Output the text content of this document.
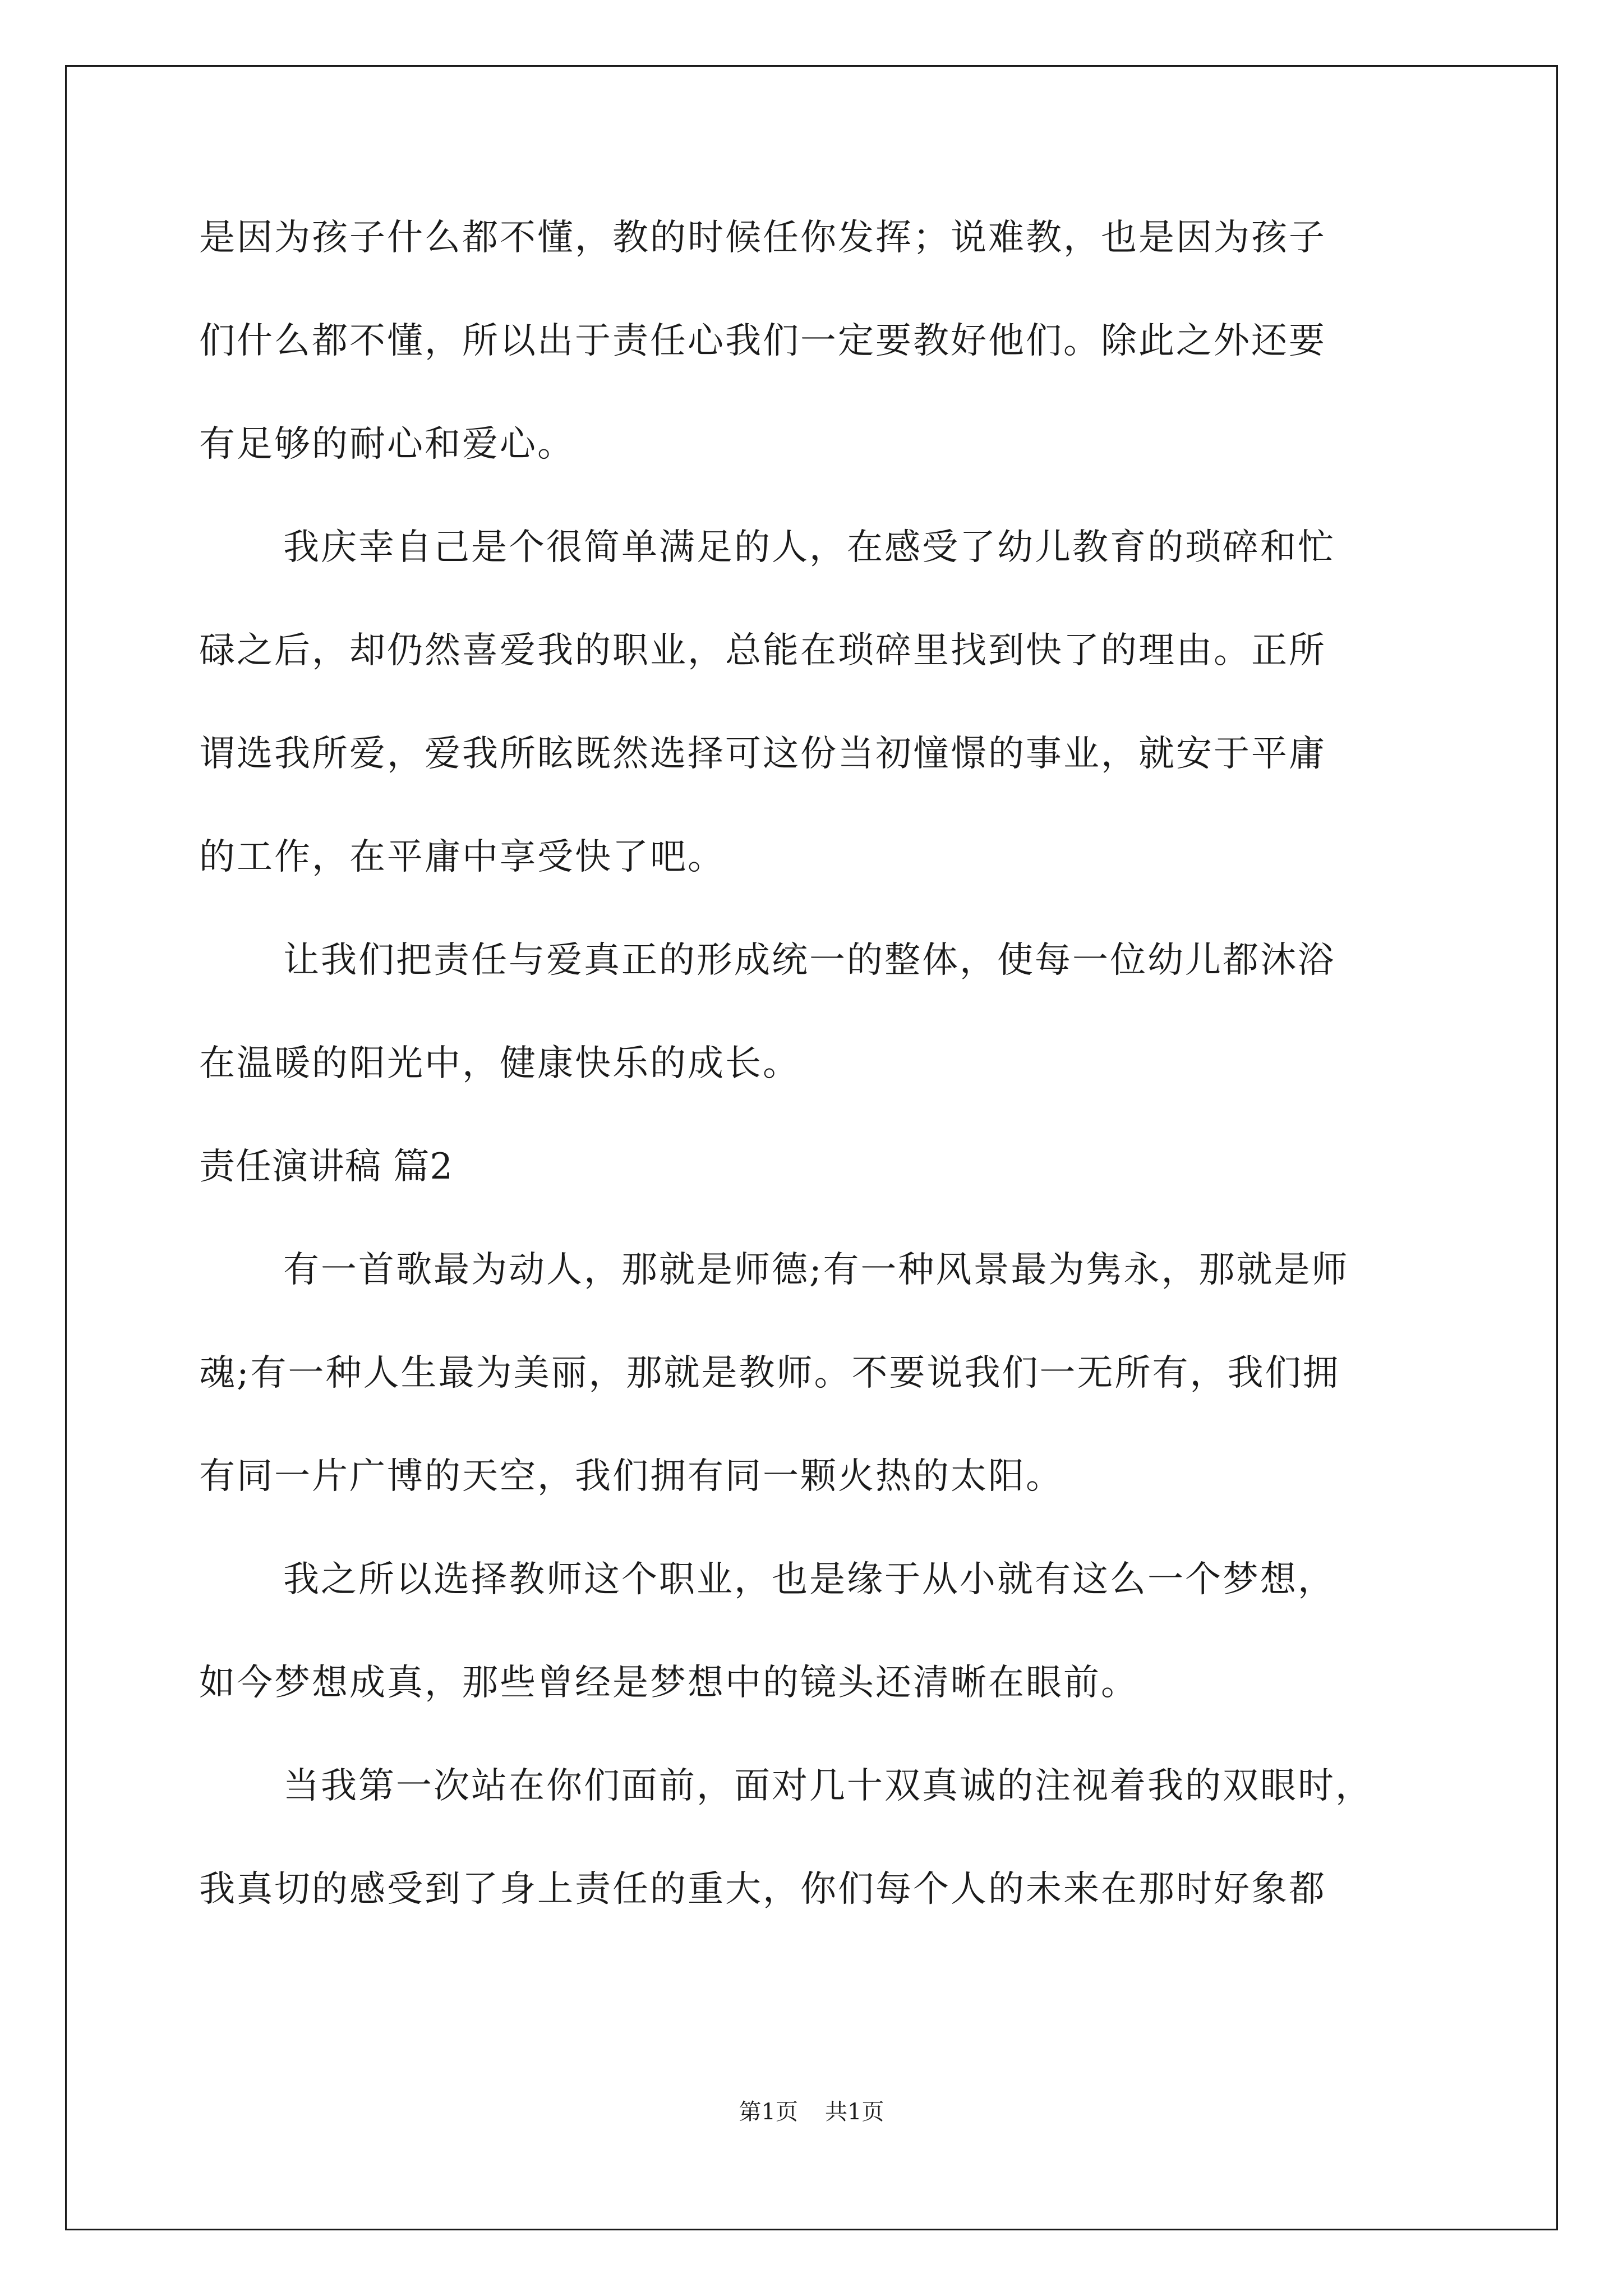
是因为孩子什么都不懂，教的时候任你发挥；说难教，也是因为孩子
们什么都不懂，所以出于责任心我们一定要教好他们。除此之外还要
有足够的耐心和爱心。
我庆幸自己是个很简单满足的人，在感受了幼儿教育的琐碎和忙
碌之后，却仍然喜爱我的职业，总能在琐碎里找到快了的理由。正所
谓选我所爱，爱我所眩既然选择可这份当初憧憬的事业，就安于平庸
的工作，在平庸中享受快了吧。
让我们把责任与爱真正的形成统一的整体，使每一位幼儿都沐浴
在温暖的阳光中，健康快乐的成长。
责任演讲稿 篇2
有一首歌最为动人，那就是师德;有一种风景最为隽永，那就是师
魂;有一种人生最为美丽，那就是教师。不要说我们一无所有，我们拥
有同一片广博的天空，我们拥有同一颗火热的太阳。
我之所以选择教师这个职业，也是缘于从小就有这么一个梦想，
如今梦想成真，那些曾经是梦想中的镜头还清晰在眼前。
当我第一次站在你们面前，面对几十双真诚的注视着我的双眼时，
我真切的感受到了身上责任的重大，你们每个人的未来在那时好象都
第1页 共1页
